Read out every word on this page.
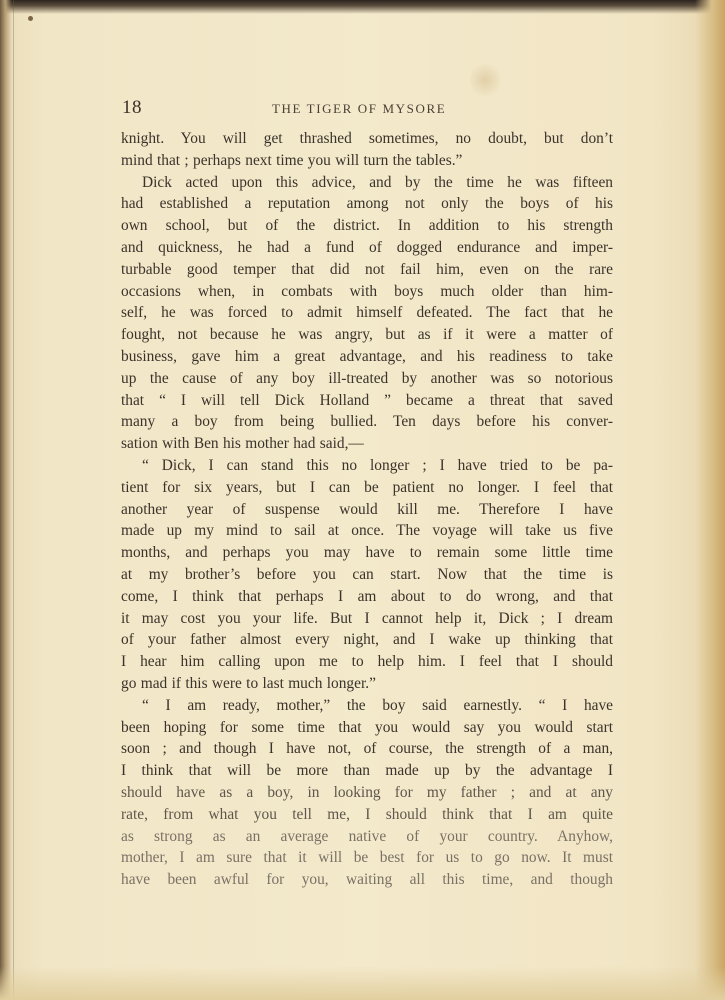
18	THE TIGER OF MYSORE
knight. You will get thrashed sometimes, no doubt, but don’t
mind that ; perhaps next time you will turn the tables.”
Dick acted upon this advice, and by the time he was fifteen
had established a reputation among not only the boys of his
own school, but of the district. In addition to his strength
and quickness, he had a fund of dogged endurance and imper-
turbable good temper that did not fail him, even on the rare
occasions when, in combats with boys much older than him-
self, he was forced to admit himself defeated. The fact that he
fought, not because he was angry, but as if it were a matter of
business, gave him a great advantage, and his readiness to take
up the cause of any boy ill-treated by another was so notorious
that “ I will tell Dick Holland ” became a threat that saved
many a boy from being bullied. Ten days before his conver-
sation with Ben his mother had said,—
“ Dick, I can stand this no longer ; I have tried to be pa-
tient for six years, but I can be patient no longer. I feel that
another year of suspense would kill me. Therefore I have
made up my mind to sail at once. The voyage will take us five
months, and perhaps you may have to remain some little time
at my brother’s before you can start. Now that the time is
come, I think that perhaps I am about to do wrong, and that
it may cost you your life. But I cannot help it, Dick ; I dream
of your father almost every night, and I wake up thinking that
I hear him calling upon me to help him. I feel that I should
go mad if this were to last much longer.”
“ I am ready, mother,” the boy said earnestly. “ I have
been hoping for some time that you would say you would start
soon ; and though I have not, of course, the strength of a man,
I think that will be more than made up by the advantage I
should have as a boy, in looking for my father ; and at any
rate, from what you tell me, I should think that I am quite
as strong as an average native of your country. Anyhow,
mother, I am sure that it will be best for us to go now. It must
have been awful for you, waiting all this time, and though
